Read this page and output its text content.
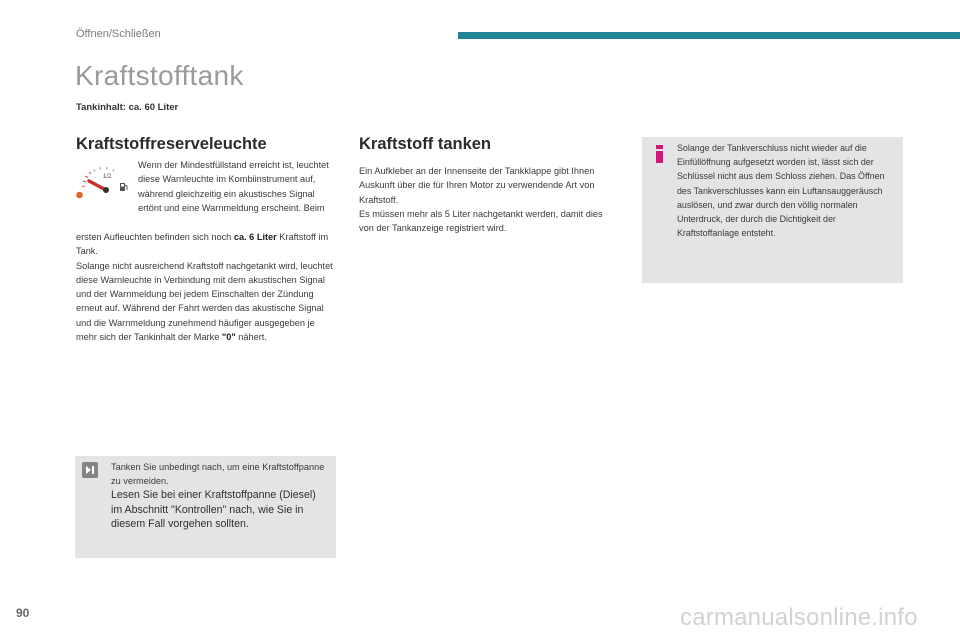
Öffnen/Schließen
Kraftstofftank
Tankinhalt: ca. 60 Liter
Kraftstoffreserveleuchte
1/2
Wenn der Mindestfüllstand erreicht ist, leuchtet diese Warnleuchte im Kombiinstrument auf, während gleichzeitig ein akustisches Signal ertönt und eine Warnmeldung erscheint. Beim
ersten Aufleuchten befinden sich noch ca. 6 Liter Kraftstoff im Tank.
Solange nicht ausreichend Kraftstoff nachgetankt wird, leuchtet diese Warnleuchte in Verbindung mit dem akustischen Signal und der Warnmeldung bei jedem Einschalten der Zündung erneut auf. Während der Fahrt werden das akustische Signal und die Warnmeldung zunehmend häufiger ausgegeben je mehr sich der Tankinhalt der Marke "0" nähert.
Tanken Sie unbedingt nach, um eine Kraftstoffpanne zu vermeiden.
Lesen Sie bei einer Kraftstoffpanne (Diesel) im Abschnitt "Kontrollen" nach, wie Sie in diesem Fall vorgehen sollten.
Kraftstoff tanken
Ein Aufkleber an der Innenseite der Tankklappe gibt Ihnen Auskunft über die für Ihren Motor zu verwendende Art von Kraftstoff.
Es müssen mehr als 5 Liter nachgetankt werden, damit dies von der Tankanzeige registriert wird.
Solange der Tankverschluss nicht wieder auf die Einfüllöffnung aufgesetzt worden ist, lässt sich der Schlüssel nicht aus dem Schloss ziehen. Das Öffnen des Tankverschlusses kann ein Luftansauggeräusch auslösen, und zwar durch den völlig normalen Unterdruck, der durch die Dichtigkeit der Kraftstoffanlage entsteht.
90	carmanualsonline.info
